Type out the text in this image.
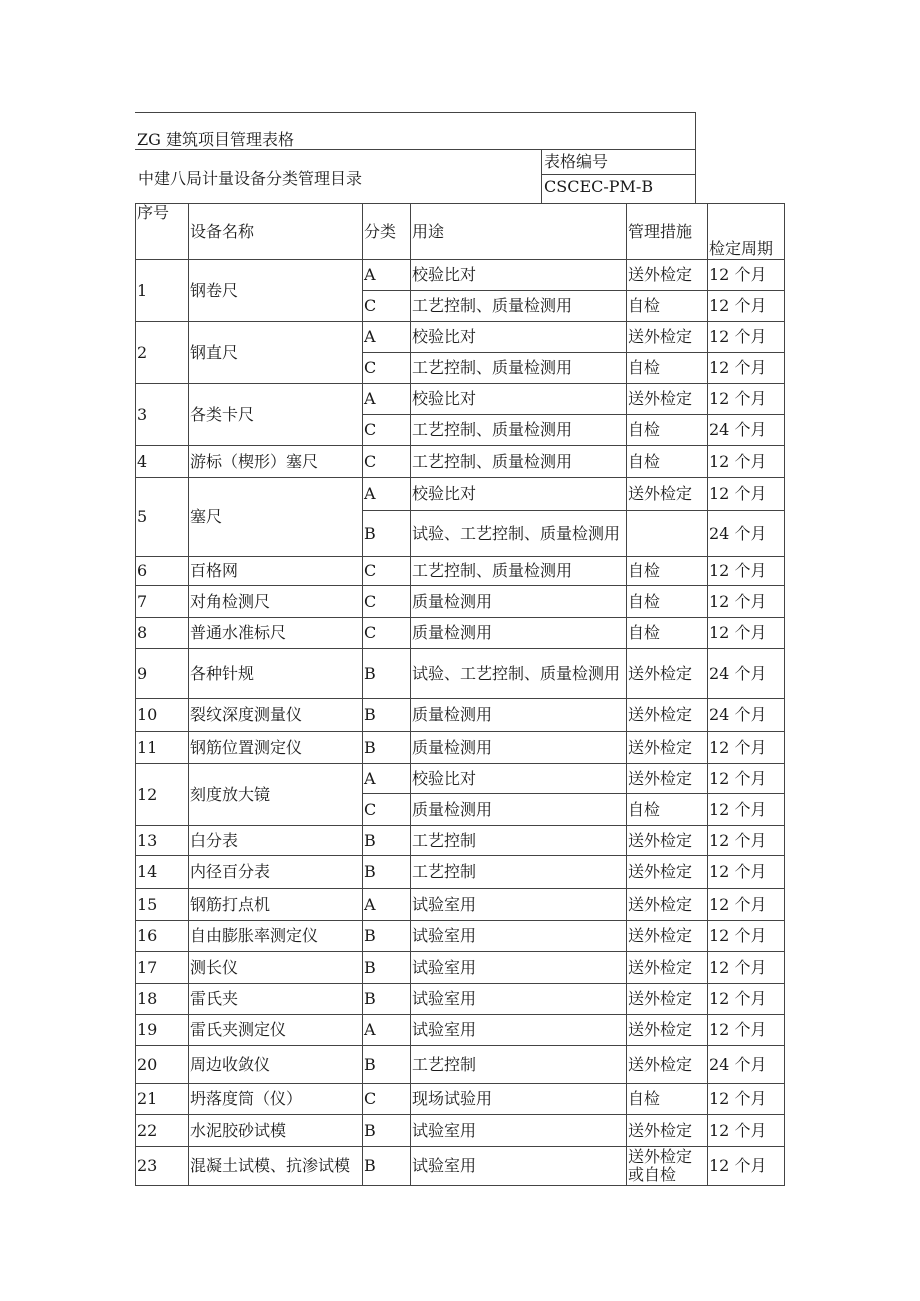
ZG 建筑项目管理表格
中建八局计量设备分类管理目录
表格编号
CSCEC-PM-B
序号	设备名称	分类	用途	管理措施	检定周期
1	钢卷尺	A	校验比对	送外检定	12 个月
		C	工艺控制、质量检测用	自检	12 个月
2	钢直尺	A	校验比对	送外检定	12 个月
		C	工艺控制、质量检测用	自检	12 个月
3	各类卡尺	A	校验比对	送外检定	12 个月
		C	工艺控制、质量检测用	自检	24 个月
4	游标（楔形）塞尺	C	工艺控制、质量检测用	自检	12 个月
5	塞尺	A	校验比对	送外检定	12 个月
		B	试验、工艺控制、质量检测用		24 个月
6	百格网	C	工艺控制、质量检测用	自检	12 个月
7	对角检测尺	C	质量检测用	自检	12 个月
8	普通水准标尺	C	质量检测用	自检	12 个月
9	各种针规	B	试验、工艺控制、质量检测用	送外检定	24 个月
10	裂纹深度测量仪	B	质量检测用	送外检定	24 个月
11	钢筋位置测定仪	B	质量检测用	送外检定	12 个月
12	刻度放大镜	A	校验比对	送外检定	12 个月
		C	质量检测用	自检	12 个月
13	白分表	B	工艺控制	送外检定	12 个月
14	内径百分表	B	工艺控制	送外检定	12 个月
15	钢筋打点机	A	试验室用	送外检定	12 个月
16	自由膨胀率测定仪	B	试验室用	送外检定	12 个月
17	测长仪	B	试验室用	送外检定	12 个月
18	雷氏夹	B	试验室用	送外检定	12 个月
19	雷氏夹测定仪	A	试验室用	送外检定	12 个月
20	周边收敛仪	B	工艺控制	送外检定	24 个月
21	坍落度筒（仪）	C	现场试验用	自检	12 个月
22	水泥胶砂试模	B	试验室用	送外检定	12 个月
23	混凝土试模、抗渗试模	B	试验室用	送外检定或自检	12 个月
